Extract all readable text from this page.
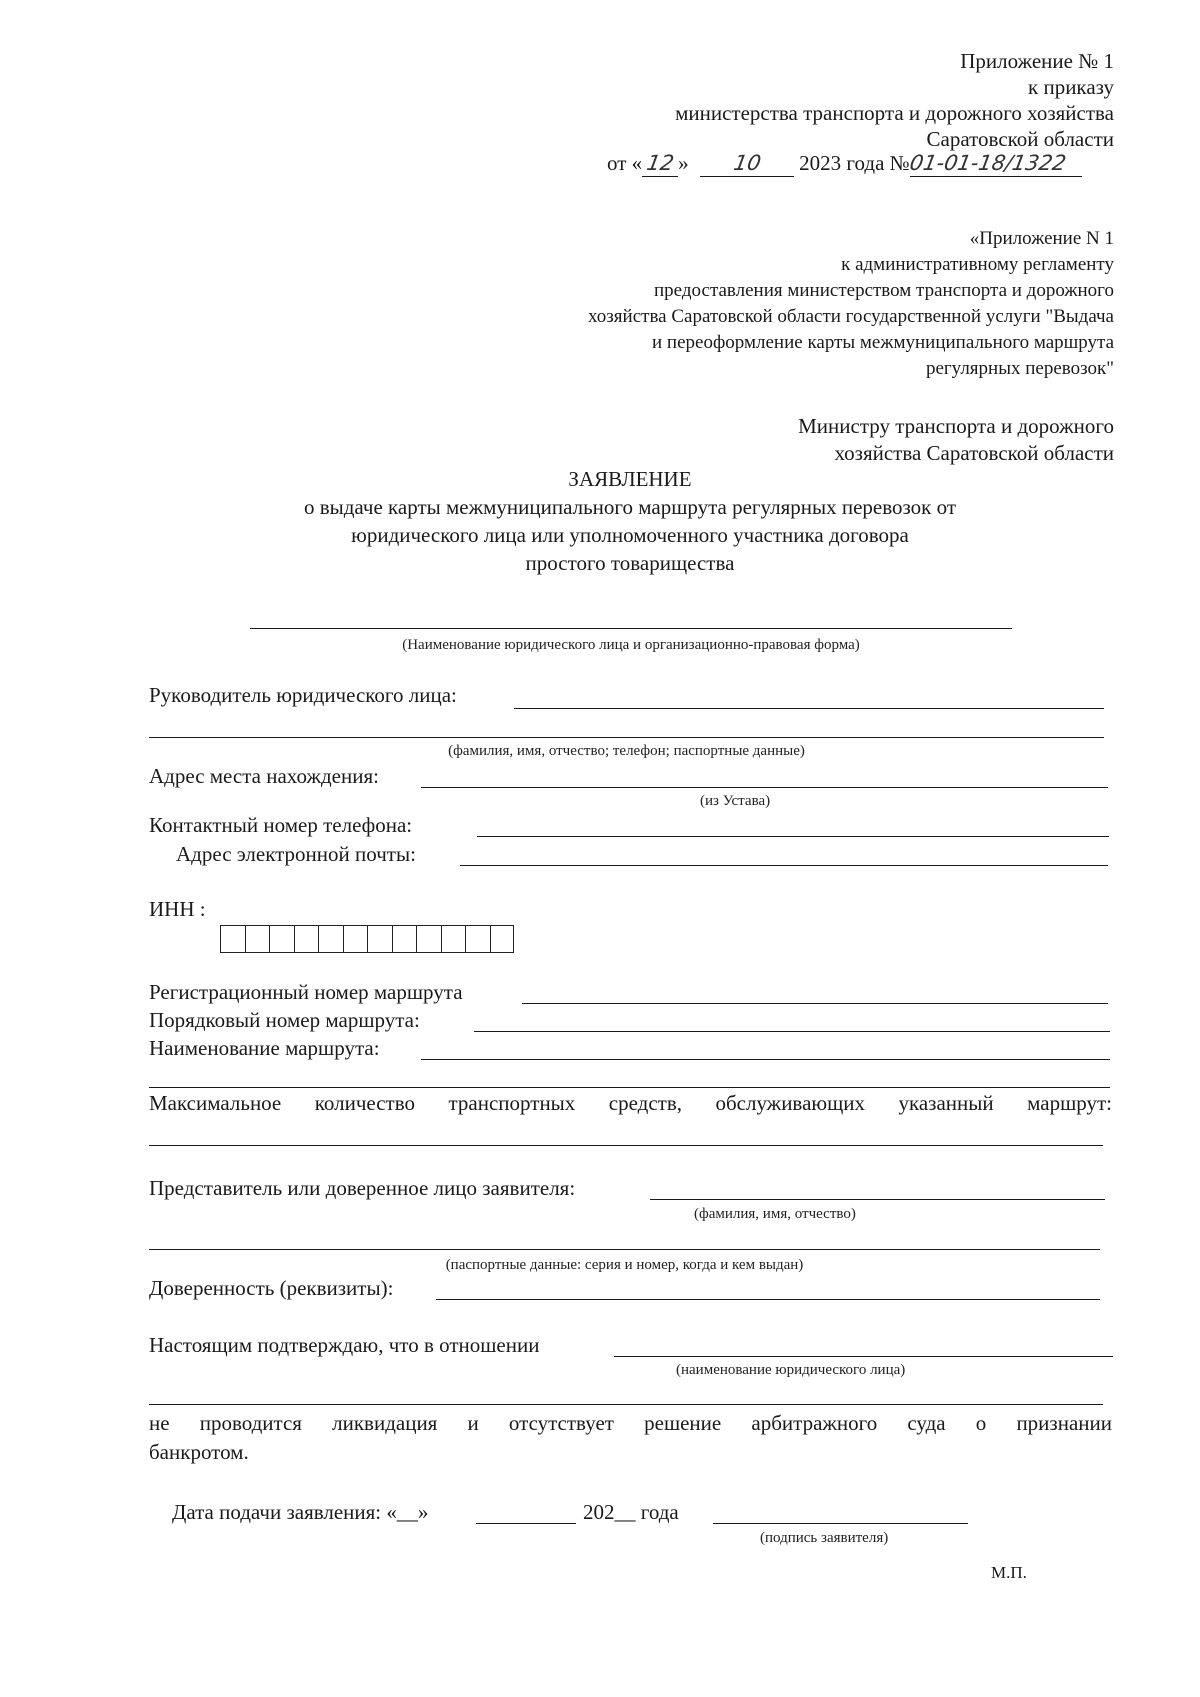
Приложение № 1
к приказу
министерства транспорта и дорожного хозяйства
Саратовской области
от « 12 » 10 2023 года №01-01-18/1322
«Приложение N 1
к административному регламенту
предоставления министерством транспорта и дорожного
хозяйства Саратовской области государственной услуги "Выдача
и переоформление карты межмуниципального маршрута
регулярных перевозок"
Министру транспорта и дорожного
хозяйства Саратовской области
ЗАЯВЛЕНИЕ
о выдаче карты межмуниципального маршрута регулярных перевозок от
юридического лица или уполномоченного участника договора
простого товарищества
(Наименование юридического лица и организационно-правовая форма)
Руководитель юридического лица:
(фамилия, имя, отчество; телефон; паспортные данные)
Адрес места нахождения:
(из Устава)
Контактный номер телефона:
Адрес электронной почты:
ИНН :
Регистрационный номер маршрута
Порядковый номер маршрута:
Наименование маршрута:
Максимальное количество транспортных средств, обслуживающих указанный маршрут:
Представитель или доверенное лицо заявителя:
(фамилия, имя, отчество)
(паспортные данные: серия и номер, когда и кем выдан)
Доверенность (реквизиты):
Настоящим подтверждаю, что в отношении
(наименование юридического лица)
не проводится ликвидация и отсутствует решение арбитражного суда о признании
банкротом.
Дата подачи заявления: «__»	202__ года
(подпись заявителя)
М.П.
